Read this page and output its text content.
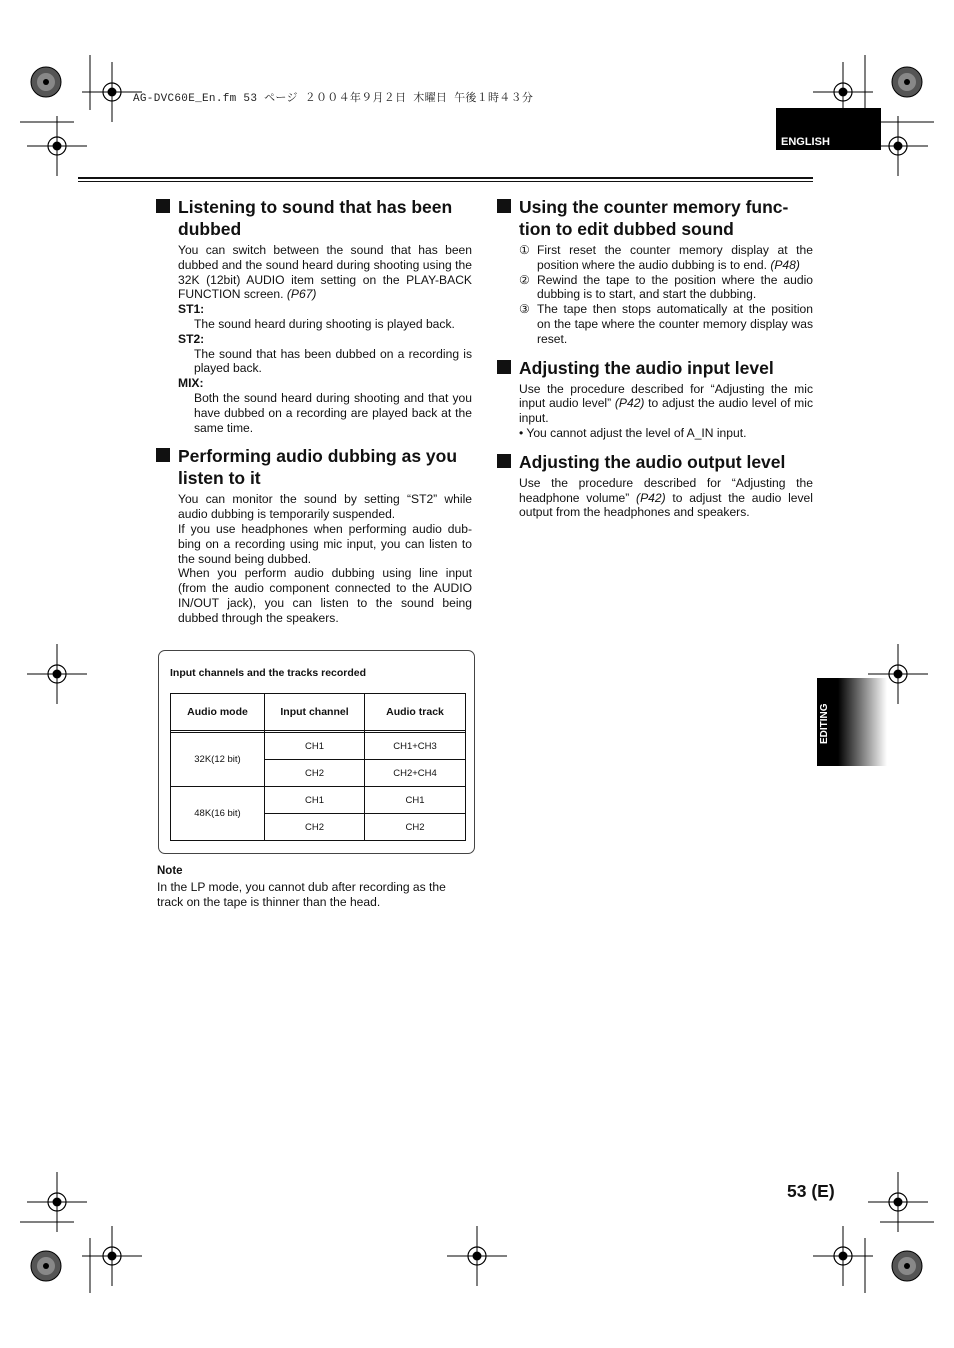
AG-DVC60E_En.fm 53 ページ ２００４年９月２日 木曜日 午後１時４３分
ENGLISH
Listening to sound that has been dubbed

You can switch between the sound that has been dubbed and the sound heard during shooting using the 32K (12bit) AUDIO item setting on the PLAY-BACK FUNCTION screen. (P67)

ST1:

The sound heard during shooting is played back.

ST2:

The sound that has been dubbed on a recording is played back.

MIX:

Both the sound heard during shooting and that you have dubbed on a recording are played back at the same time.

Performing audio dubbing as you listen to it

You can monitor the sound by setting “ST2” while audio dubbing is temporarily suspended.

If you use headphones when performing audio dub-bing on a recording using mic input, you can listen to the sound being dubbed.

When you perform audio dubbing using line input (from the audio component connected to the AUDIO IN/OUT jack), you can listen to the sound being dubbed through the speakers.

Input channels and the tracks recorded
Audio mode	Input channel	Audio track

32K(12 bit)	CH1	CH1+CH3
	CH2	CH2+CH4
48K(16 bit)	CH1	CH1
	CH2	CH2
Note
In the LP mode, you cannot dub after recording as the track on the tape is thinner than the head.
Using the counter memory func-tion to edit dubbed sound

① First reset the counter memory display at the position where the audio dubbing is to end. (P48)

② Rewind the tape to the position where the audio dubbing is to start, and start the dubbing.

③ The tape then stops automatically at the position on the tape where the counter memory display was reset.

Adjusting the audio input level

Use the procedure described for “Adjusting the mic input audio level” (P42) to adjust the audio level of mic input.

• You cannot adjust the level of A_IN input.

Adjusting the audio output level

Use the procedure described for “Adjusting the headphone volume” (P42) to adjust the audio level output from the headphones and speakers.

EDITING
53 (E)
